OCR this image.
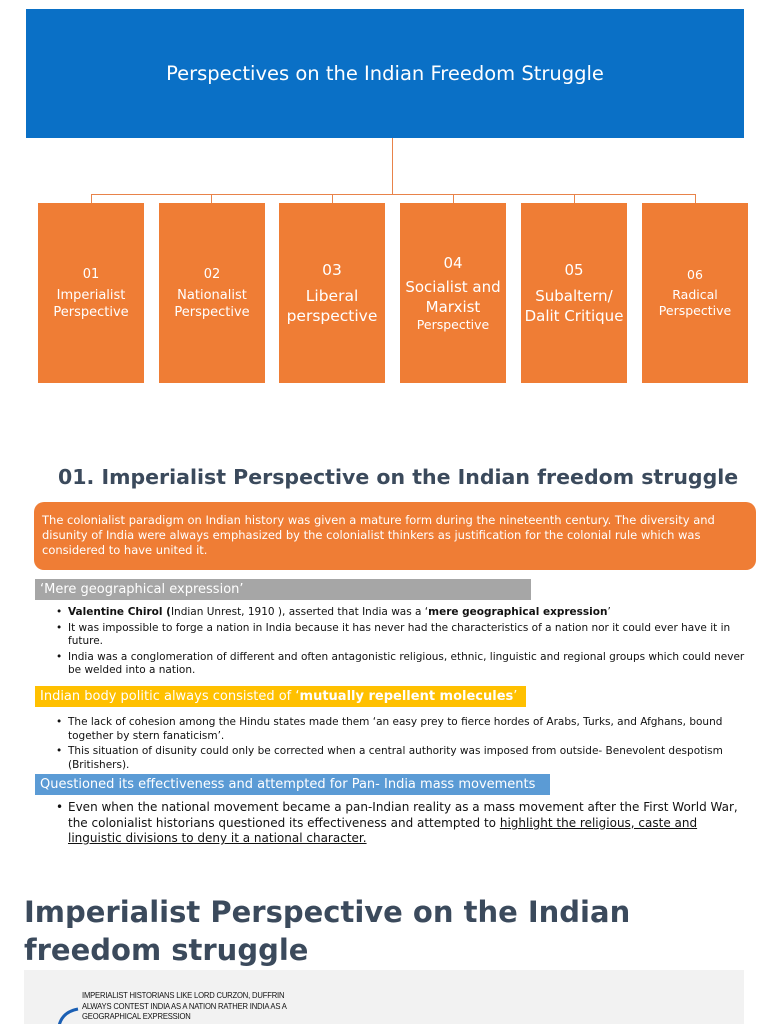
Perspectives on the Indian Freedom Struggle
01
Imperialist Perspective
02
Nationalist Perspective
03
Liberal perspective
04
Socialist and Marxist
Perspective
05
Subaltern/ Dalit Critique
06
Radical Perspective
01. Imperialist Perspective on the Indian freedom struggle
The colonialist paradigm on Indian history was given a mature form during the nineteenth century. The diversity and disunity of India were always emphasized by the colonialist thinkers as justification for the colonial rule which was considered to have united it.
‘Mere geographical expression’
• Valentine Chirol (Indian Unrest, 1910 ), asserted that India was a ‘mere geographical expression’
• It was impossible to forge a nation in India because it has never had the characteristics of a nation nor it could ever have it in future.
• India was a conglomeration of different and often antagonistic religious, ethnic, linguistic and regional groups which could never be welded into a nation.
Indian body politic always consisted of ‘mutually repellent molecules’
• The lack of cohesion among the Hindu states made them ‘an easy prey to fierce hordes of Arabs, Turks, and Afghans, bound together by stern fanaticism’.
• This situation of disunity could only be corrected when a central authority was imposed from outside- Benevolent despotism (Britishers).
Questioned its effectiveness and attempted for Pan- India mass movements
• Even when the national movement became a pan-Indian reality as a mass movement after the First World War, the colonialist historians questioned its effectiveness and attempted to highlight the religious, caste and linguistic divisions to deny it a national character.
Imperialist Perspective on the Indian freedom struggle
IMPERIALIST HISTORIANS LIKE LORD CURZON, DUFFRIN
ALWAYS CONTEST INDIA AS A NATION RATHER INDIA AS A
GEOGRAPHICAL EXPRESSION
